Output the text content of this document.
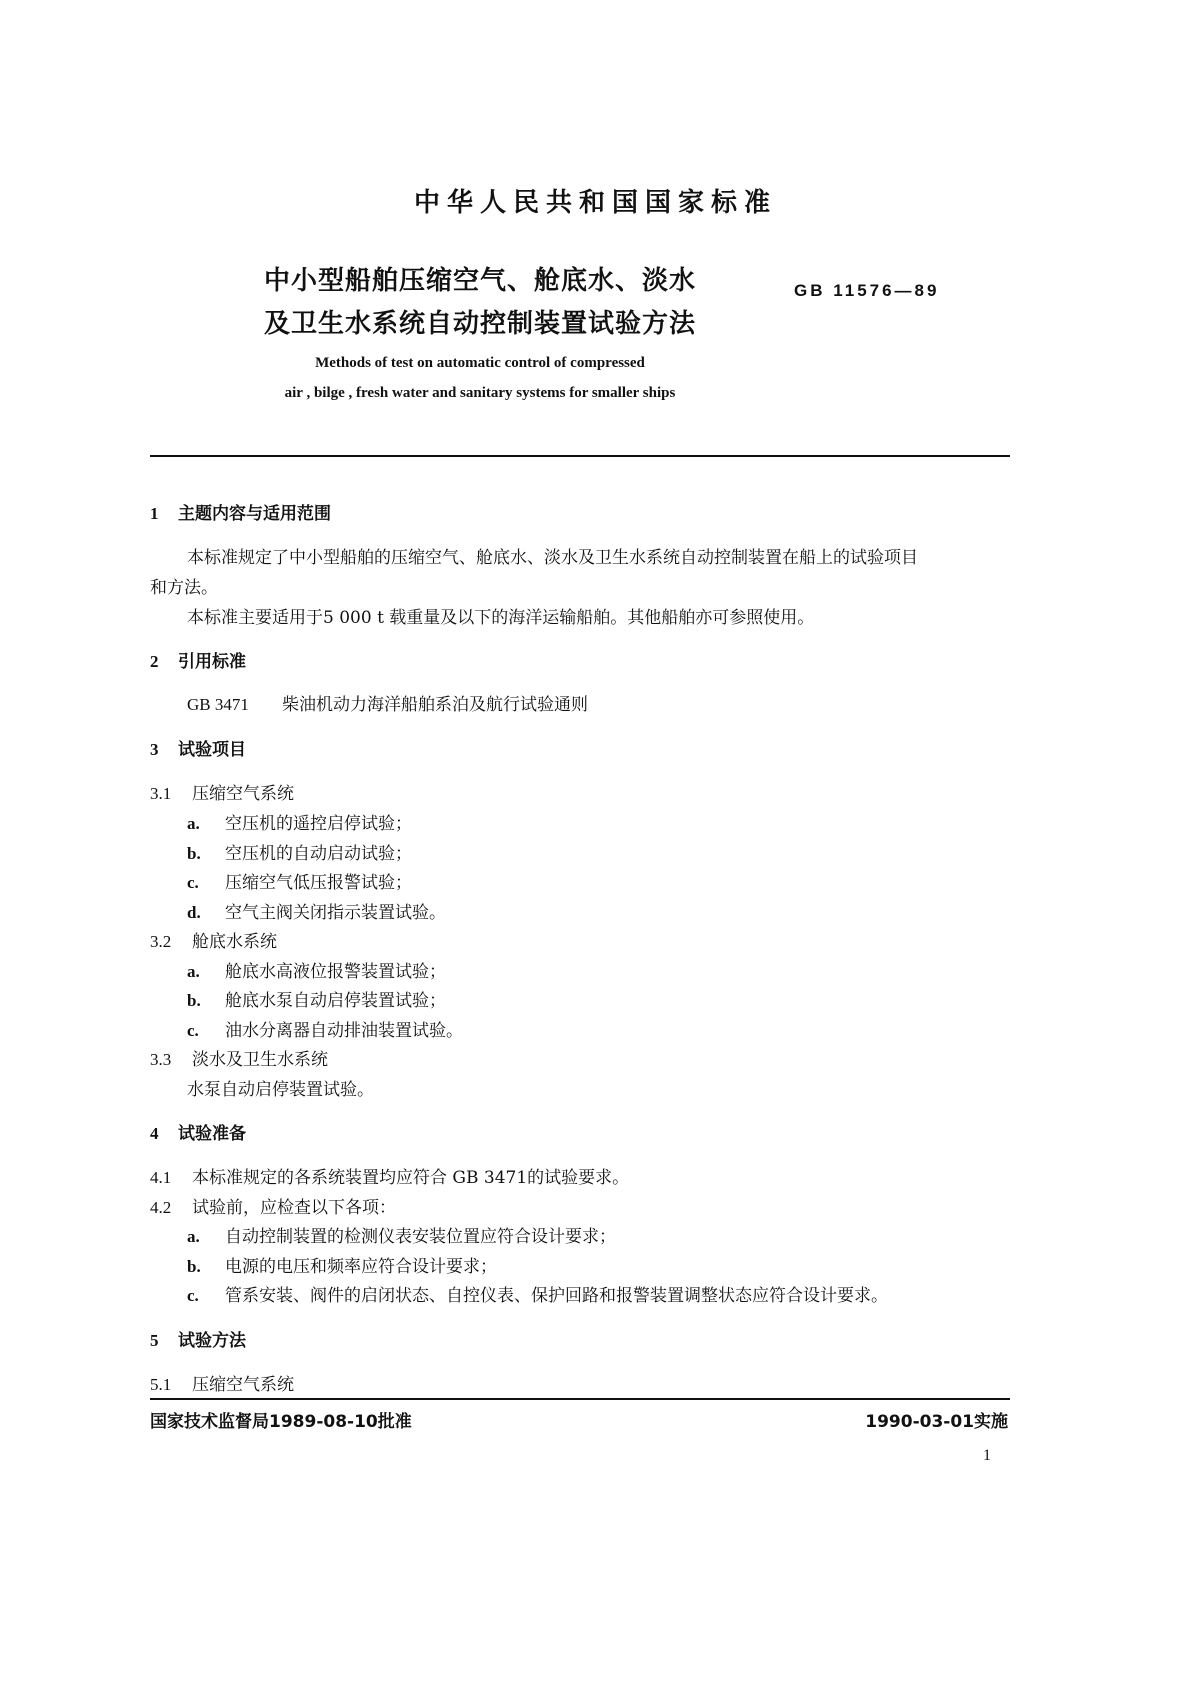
中华人民共和国国家标准
中小型船舶压缩空气、舱底水、淡水
及卫生水系统自动控制装置试验方法
GB 11576—89
Methods of test on automatic control of compressed
air , bilge , fresh water and sanitary systems for smaller ships
1 主题内容与适用范围
本标准规定了中小型船舶的压缩空气、舱底水、淡水及卫生水系统自动控制装置在船上的试验项目
和方法。
本标准主要适用于5 000 t 载重量及以下的海洋运输船舶。其他船舶亦可参照使用。
2 引用标准
GB 3471 柴油机动力海洋船舶系泊及航行试验通则
3 试验项目
3.1 压缩空气系统
a. 空压机的遥控启停试验；
b. 空压机的自动启动试验；
c. 压缩空气低压报警试验；
d. 空气主阀关闭指示装置试验。
3.2 舱底水系统
a. 舱底水高液位报警装置试验；
b. 舱底水泵自动启停装置试验；
c. 油水分离器自动排油装置试验。
3.3 淡水及卫生水系统
水泵自动启停装置试验。
4 试验准备
4.1 本标准规定的各系统装置均应符合 GB 3471的试验要求。
4.2 试验前，应检查以下各项：
a. 自动控制装置的检测仪表安装位置应符合设计要求；
b. 电源的电压和频率应符合设计要求；
c. 管系安装、阀件的启闭状态、自控仪表、保护回路和报警装置调整状态应符合设计要求。
5 试验方法
5.1 压缩空气系统
国家技术监督局1989-08-10批准	1990-03-01实施
1
